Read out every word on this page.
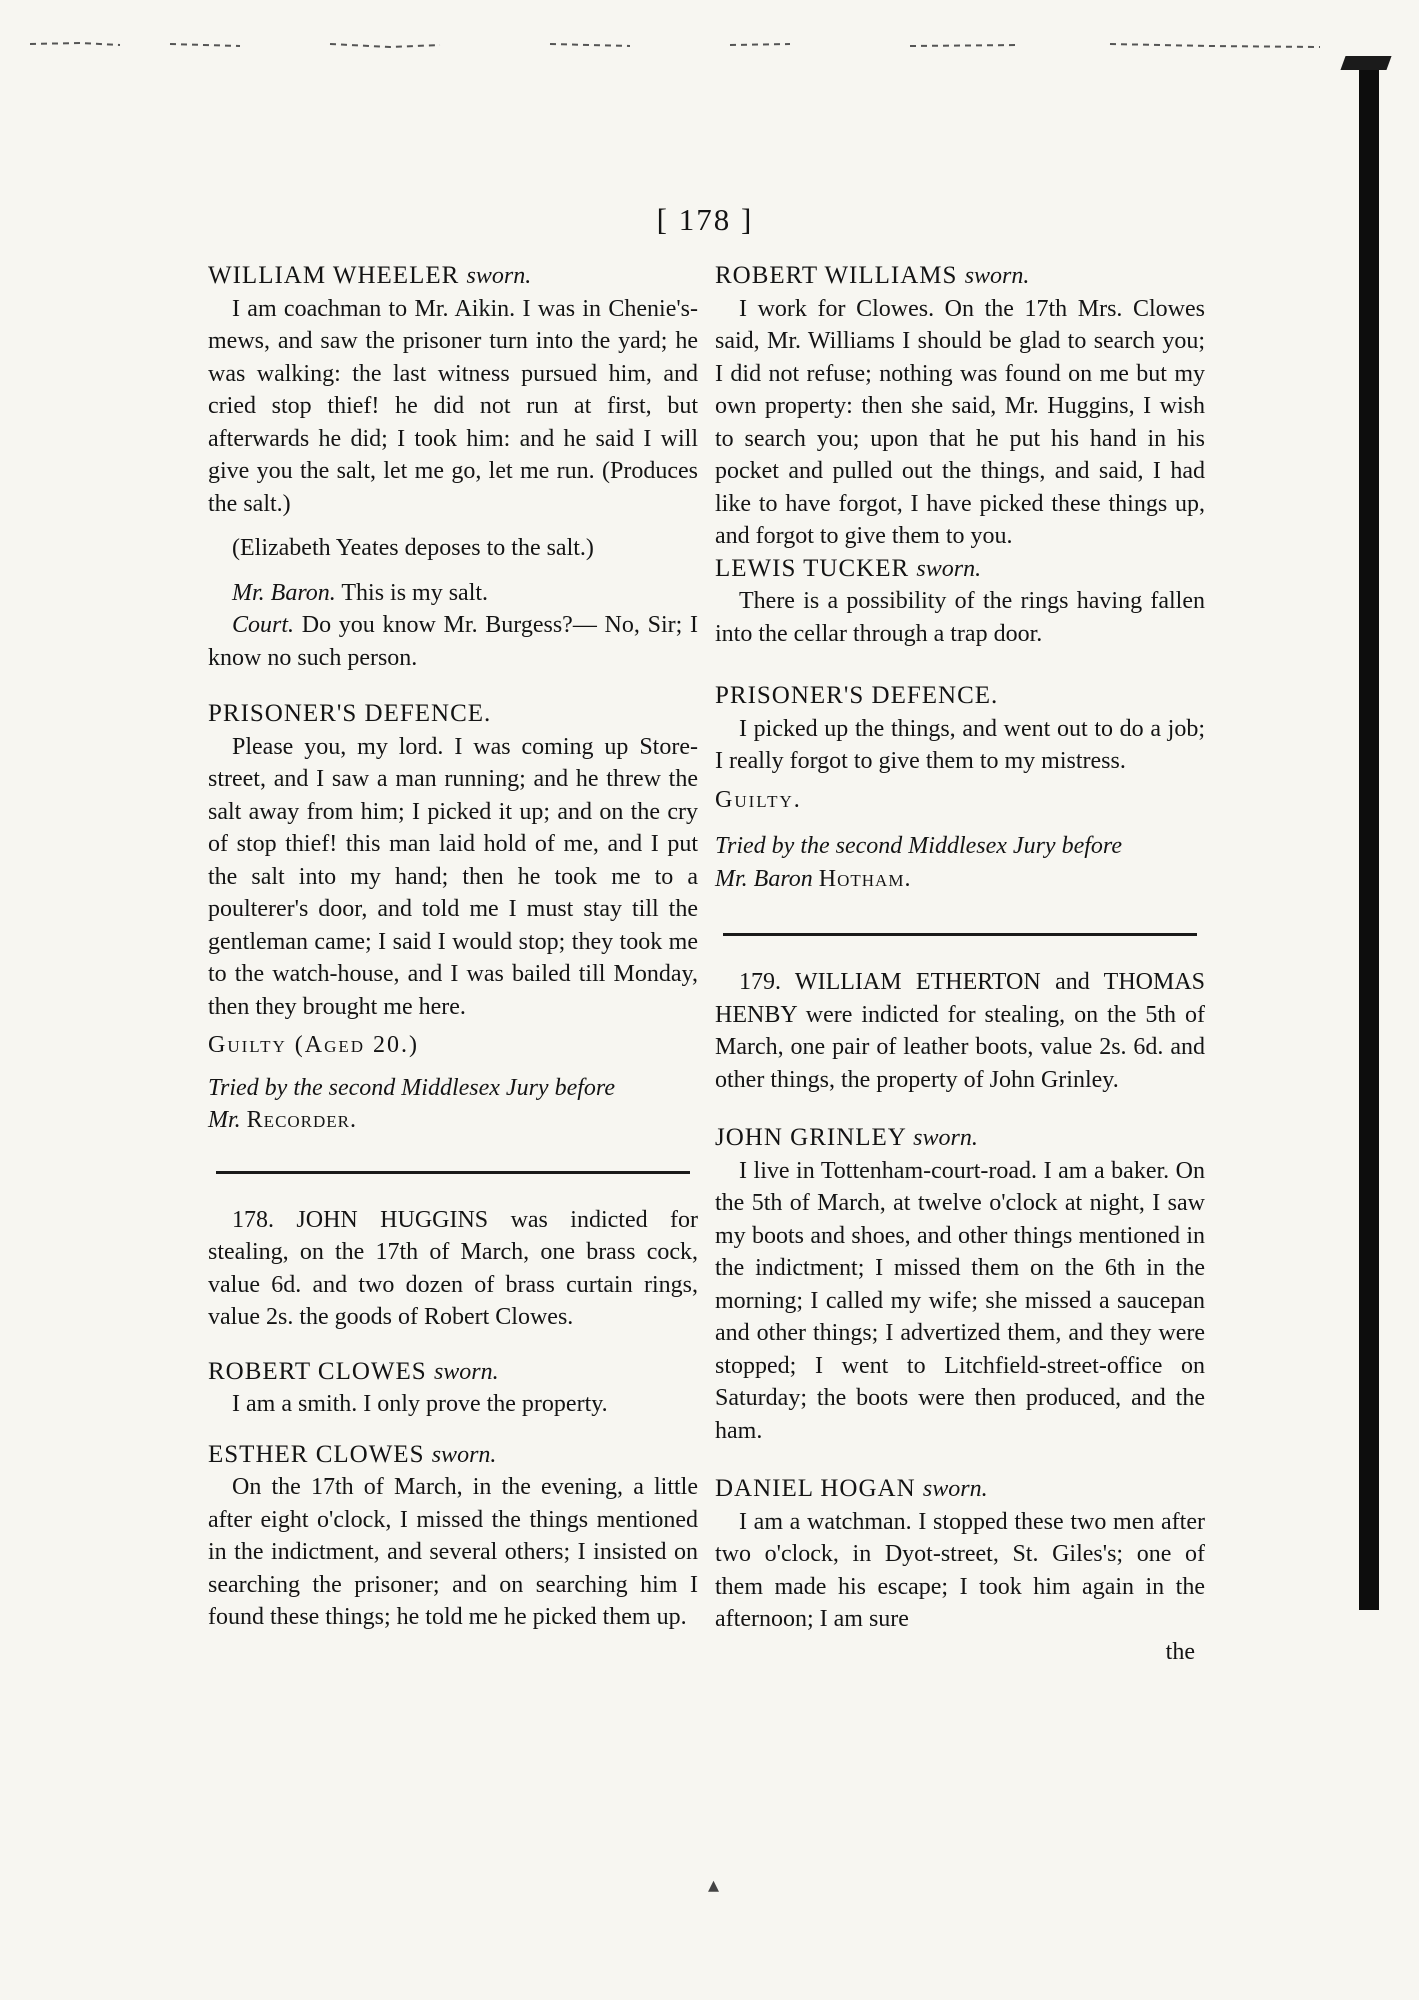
[ 178 ]

WILLIAM WHEELER sworn.

I am coachman to Mr. Aikin. I was in Chenie's-mews, and saw the prisoner turn into the yard; he was walking: the last witness pursued him, and cried stop thief! he did not run at first, but afterwards he did; I took him: and he said I will give you the salt, let me go, let me run. (Produces the salt.)

(Elizabeth Yeates deposes to the salt.)

Mr. Baron. This is my salt.

Court. Do you know Mr. Burgess?— No, Sir; I know no such person.

PRISONER'S DEFENCE.

Please you, my lord. I was coming up Store-street, and I saw a man running; and he threw the salt away from him; I picked it up; and on the cry of stop thief! this man laid hold of me, and I put the salt into my hand; then he took me to a poulterer's door, and told me I must stay till the gentleman came; I said I would stop; they took me to the watch-house, and I was bailed till Monday, then they brought me here.

Guilty (Aged 20.)

Tried by the second Middlesex Jury before

Mr. Recorder.

178. JOHN HUGGINS was indicted for stealing, on the 17th of March, one brass cock, value 6d. and two dozen of brass curtain rings, value 2s. the goods of Robert Clowes.

ROBERT CLOWES sworn.

I am a smith. I only prove the property.

ESTHER CLOWES sworn.

On the 17th of March, in the evening, a little after eight o'clock, I missed the things mentioned in the indictment, and several others; I insisted on searching the prisoner; and on searching him I found these things; he told me he picked them up.

ROBERT WILLIAMS sworn.

I work for Clowes. On the 17th Mrs. Clowes said, Mr. Williams I should be glad to search you; I did not refuse; nothing was found on me but my own property: then she said, Mr. Huggins, I wish to search you; upon that he put his hand in his pocket and pulled out the things, and said, I had like to have forgot, I have picked these things up, and forgot to give them to you.

LEWIS TUCKER sworn.

There is a possibility of the rings having fallen into the cellar through a trap door.

PRISONER'S DEFENCE.

I picked up the things, and went out to do a job; I really forgot to give them to my mistress.

Guilty.

Tried by the second Middlesex Jury before

Mr. Baron Hotham.

179. WILLIAM ETHERTON and THOMAS HENBY were indicted for stealing, on the 5th of March, one pair of leather boots, value 2s. 6d. and other things, the property of John Grinley.

JOHN GRINLEY sworn.

I live in Tottenham-court-road. I am a baker. On the 5th of March, at twelve o'clock at night, I saw my boots and shoes, and other things mentioned in the indictment; I missed them on the 6th in the morning; I called my wife; she missed a saucepan and other things; I advertized them, and they were stopped; I went to Litchfield-street-office on Saturday; the boots were then produced, and the ham.

DANIEL HOGAN sworn.

I am a watchman. I stopped these two men after two o'clock, in Dyot-street, St. Giles's; one of them made his escape; I took him again in the afternoon; I am sure

the

▴
